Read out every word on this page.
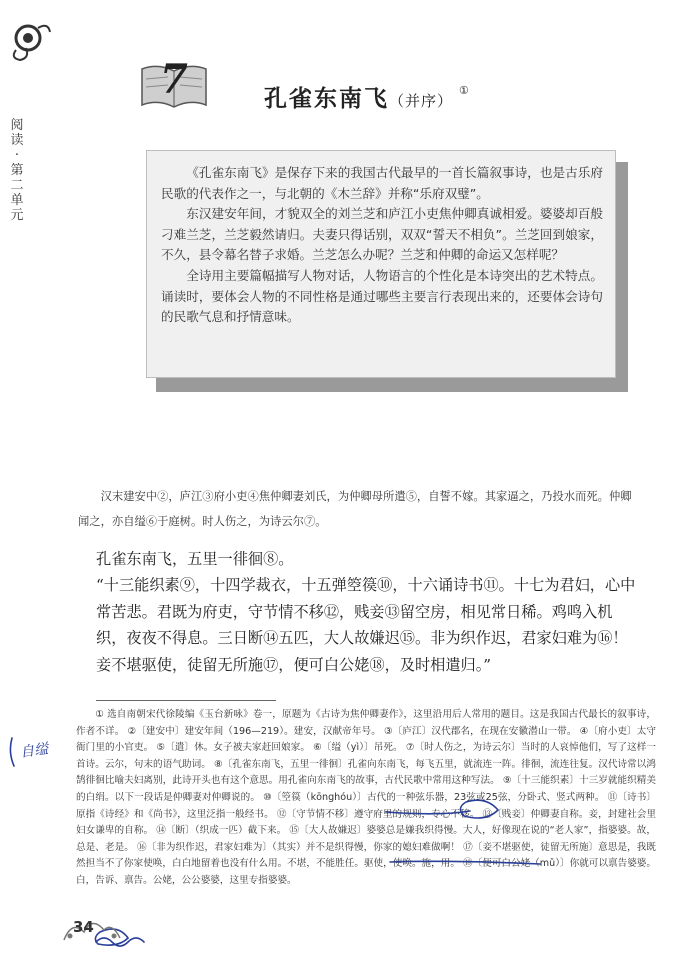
阅
读
·
第
二
单
元
7	孔雀东南飞（并序）①

《孔雀东南飞》是保存下来的我国古代最早的一首长篇叙事诗，也是古乐府民歌的代表作之一，与北朝的《木兰辞》并称“乐府双璧”。

东汉建安年间，才貌双全的刘兰芝和庐江小吏焦仲卿真诚相爱。婆婆却百般刁难兰芝，兰芝毅然请归。夫妻只得话别，双双“誓天不相负”。兰芝回到娘家，不久，县令幕名替子求婚。兰芝怎么办呢？兰芝和仲卿的命运又怎样呢？

全诗用主要篇幅描写人物对话，人物语言的个性化是本诗突出的艺术特点。诵读时，要体会人物的不同性格是通过哪些主要言行表现出来的，还要体会诗句的民歌气息和抒情意味。

汉末建安中②，庐江③府小吏④焦仲卿妻刘氏，为仲卿母所遣⑤，自誓不嫁。其家逼之，乃投水而死。仲卿闻之，亦自缢⑥于庭树。时人伤之，为诗云尔⑦。

孔雀东南飞，五里一徘徊⑧。

“十三能织素⑨，十四学裁衣，十五弹箜篌⑩，十六诵诗书⑪。十七为君妇，心中常苦悲。君既为府吏，守节情不移⑫，贱妾⑬留空房，相见常日稀。鸡鸣入机织，夜夜不得息。三日断⑭五匹，大人故嫌迟⑮。非为织作迟，君家妇难为⑯！妾不堪驱使，徒留无所施⑰，便可白公姥⑱，及时相遣归。”

① 选自南朝宋代徐陵编《玉台新咏》卷一，原题为《古诗为焦仲卿妻作》，这里沿用后人常用的题目。这是我国古代最长的叙事诗，作者不详。 ②〔建安中〕建安年间（196—219）。建安，汉献帝年号。 ③〔庐江〕汉代郡名，在现在安徽潜山一带。 ④〔府小吏〕太守衙门里的小官吏。 ⑤〔遣〕休。女子被夫家赶回娘家。 ⑥〔缢（yì）〕吊死。 ⑦〔时人伤之，为诗云尔〕当时的人哀悼他们，写了这样一首诗。云尔，句末的语气助词。 ⑧〔孔雀东南飞，五里一徘徊〕孔雀向东南飞，每飞五里，就流连一阵。徘徊，流连往复。汉代诗常以鸿鹄徘徊比喻夫妇离别，此诗开头也有这个意思。用孔雀向东南飞的故事，古代民歌中常用这种写法。 ⑨〔十三能织素〕十三岁就能织精美的白绢。以下一段话是仲卿妻对仲卿说的。 ⑩〔箜篌（kōnghóu）〕古代的一种弦乐器，23弦或25弦，分卧式、竖式两种。 ⑪〔诗书〕原指《诗经》和《尚书》，这里泛指一般经书。 ⑫〔守节情不移〕遵守府里的规则，专心不移。 ⑬〔贱妾〕仲卿妻自称。妾，封建社会里妇女谦卑的自称。 ⑭〔断〕（织成一匹）截下来。 ⑮〔大人故嫌迟〕婆婆总是嫌我织得慢。大人，好像现在说的“老人家”，指婆婆。故，总是、老是。 ⑯〔非为织作迟，君家妇难为〕（其实）并不是织得慢，你家的媳妇难做啊！ ⑰〔妾不堪驱使，徒留无所施〕意思是，我既然担当不了你家使唤，白白地留着也没有什么用。不堪，不能胜任。驱使，使唤。施，用。 ⑱〔便可白公姥（mǔ）〕你就可以禀告婆婆。白，告诉、禀告。公姥，公公婆婆，这里专指婆婆。

自缢
34
